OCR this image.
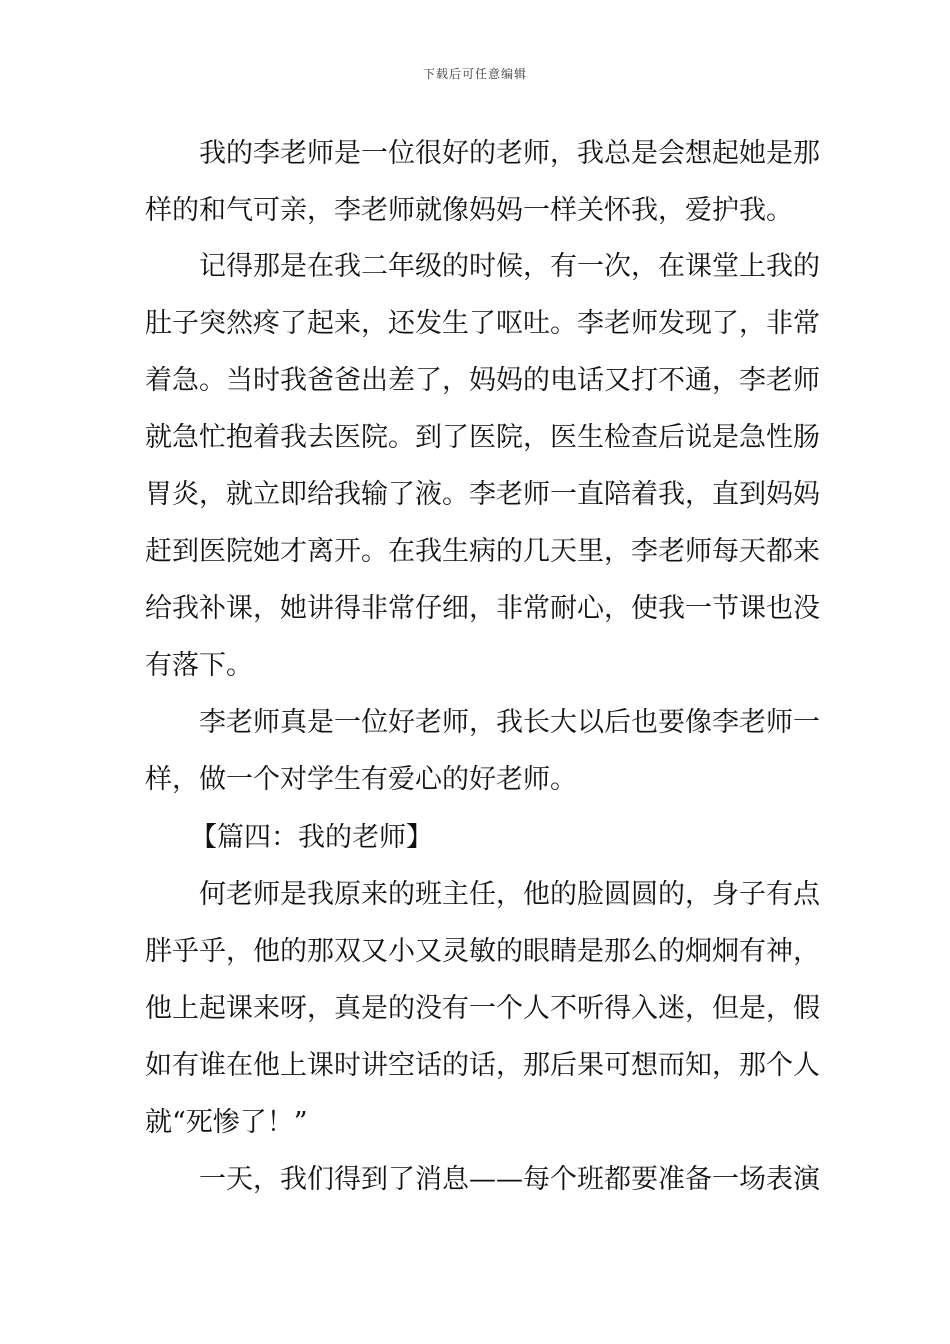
下载后可任意编辑
我的李老师是一位很好的老师，我总是会想起她是那
样的和气可亲，李老师就像妈妈一样关怀我，爱护我。
记得那是在我二年级的时候，有一次，在课堂上我的
肚子突然疼了起来，还发生了呕吐。李老师发现了，非常
着急。当时我爸爸出差了，妈妈的电话又打不通，李老师
就急忙抱着我去医院。到了医院，医生检查后说是急性肠
胃炎，就立即给我输了液。李老师一直陪着我，直到妈妈
赶到医院她才离开。在我生病的几天里，李老师每天都来
给我补课，她讲得非常仔细，非常耐心，使我一节课也没
有落下。
李老师真是一位好老师，我长大以后也要像李老师一
样，做一个对学生有爱心的好老师。
【篇四：我的老师】
何老师是我原来的班主任，他的脸圆圆的，身子有点
胖乎乎，他的那双又小又灵敏的眼睛是那么的炯炯有神，
他上起课来呀，真是的没有一个人不听得入迷，但是，假
如有谁在他上课时讲空话的话，那后果可想而知，那个人
就“死惨了！”
一天，我们得到了消息——每个班都要准备一场表演
